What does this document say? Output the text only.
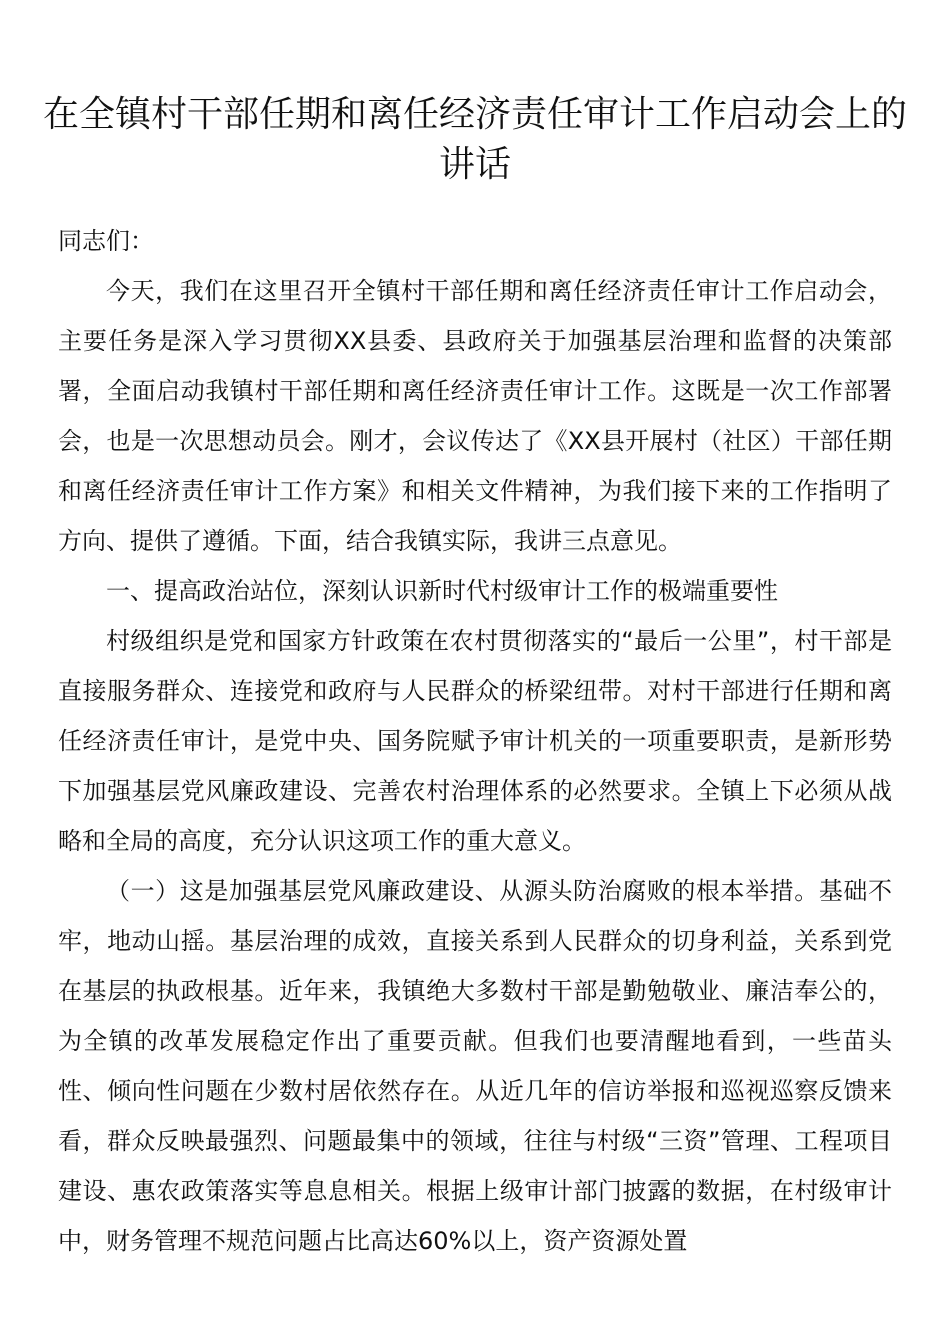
在全镇村干部任期和离任经济责任审计工作启动会上的讲话

同志们：

今天，我们在这里召开全镇村干部任期和离任经济责任审计工作启动会，主要任务是深入学习贯彻XX县委、县政府关于加强基层治理和监督的决策部署，全面启动我镇村干部任期和离任经济责任审计工作。这既是一次工作部署会，也是一次思想动员会。刚才，会议传达了《XX县开展村（社区）干部任期和离任经济责任审计工作方案》和相关文件精神，为我们接下来的工作指明了方向、提供了遵循。下面，结合我镇实际，我讲三点意见。

一、提高政治站位，深刻认识新时代村级审计工作的极端重要性

村级组织是党和国家方针政策在农村贯彻落实的“最后一公里”，村干部是直接服务群众、连接党和政府与人民群众的桥梁纽带。对村干部进行任期和离任经济责任审计，是党中央、国务院赋予审计机关的一项重要职责，是新形势下加强基层党风廉政建设、完善农村治理体系的必然要求。全镇上下必须从战略和全局的高度，充分认识这项工作的重大意义。

（一）这是加强基层党风廉政建设、从源头防治腐败的根本举措。基础不牢，地动山摇。基层治理的成效，直接关系到人民群众的切身利益，关系到党在基层的执政根基。近年来，我镇绝大多数村干部是勤勉敬业、廉洁奉公的，为全镇的改革发展稳定作出了重要贡献。但我们也要清醒地看到，一些苗头性、倾向性问题在少数村居依然存在。从近几年的信访举报和巡视巡察反馈来看，群众反映最强烈、问题最集中的领域，往往与村级“三资”管理、工程项目建设、惠农政策落实等息息相关。根据上级审计部门披露的数据，在村级审计中，财务管理不规范问题占比高达60%以上，资产资源处置
